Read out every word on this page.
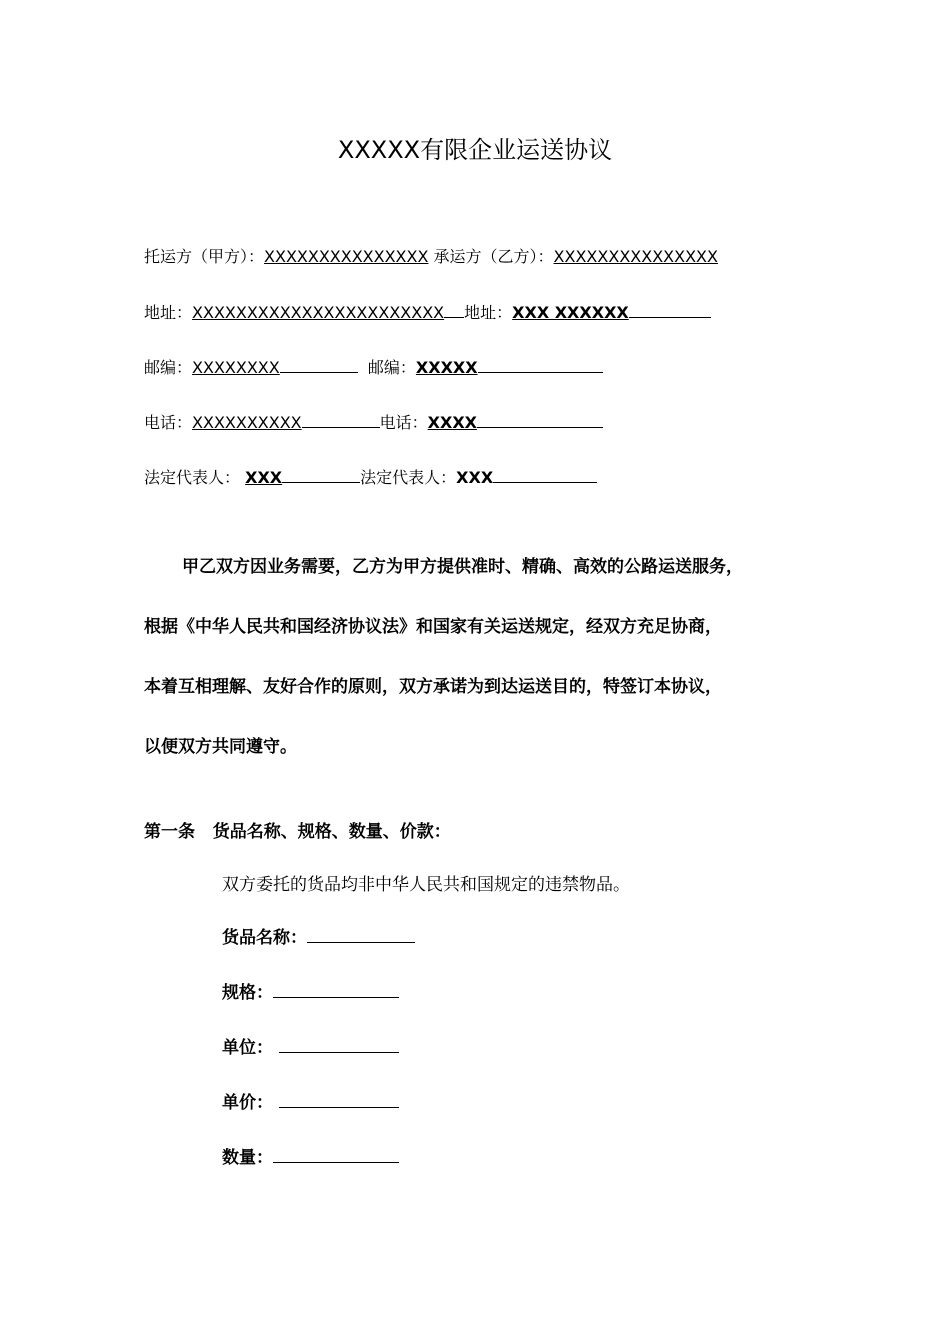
XXXXX有限企业运送协议
托运方（甲方）：XXXXXXXXXXXXXXX 承运方（乙方）：XXXXXXXXXXXXXXX
地址：XXXXXXXXXXXXXXXXXXXXXXX 地址：XXX XXXXXX
邮编：XXXXXXXX	邮编：XXXXX
电话：XXXXXXXXXX	电话：XXXX
法定代表人： XXX	法定代表人：XXX
甲乙双方因业务需要，乙方为甲方提供准时、精确、高效的公路运送服务，
根据《中华人民共和国经济协议法》和国家有关运送规定，经双方充足协商，
本着互相理解、友好合作的原则，双方承诺为到达运送目的，特签订本协议，
以便双方共同遵守。
第一条 货品名称、规格、数量、价款：
双方委托的货品均非中华人民共和国规定的违禁物品。
货品名称：
规格：
单位：
单价：
数量：
